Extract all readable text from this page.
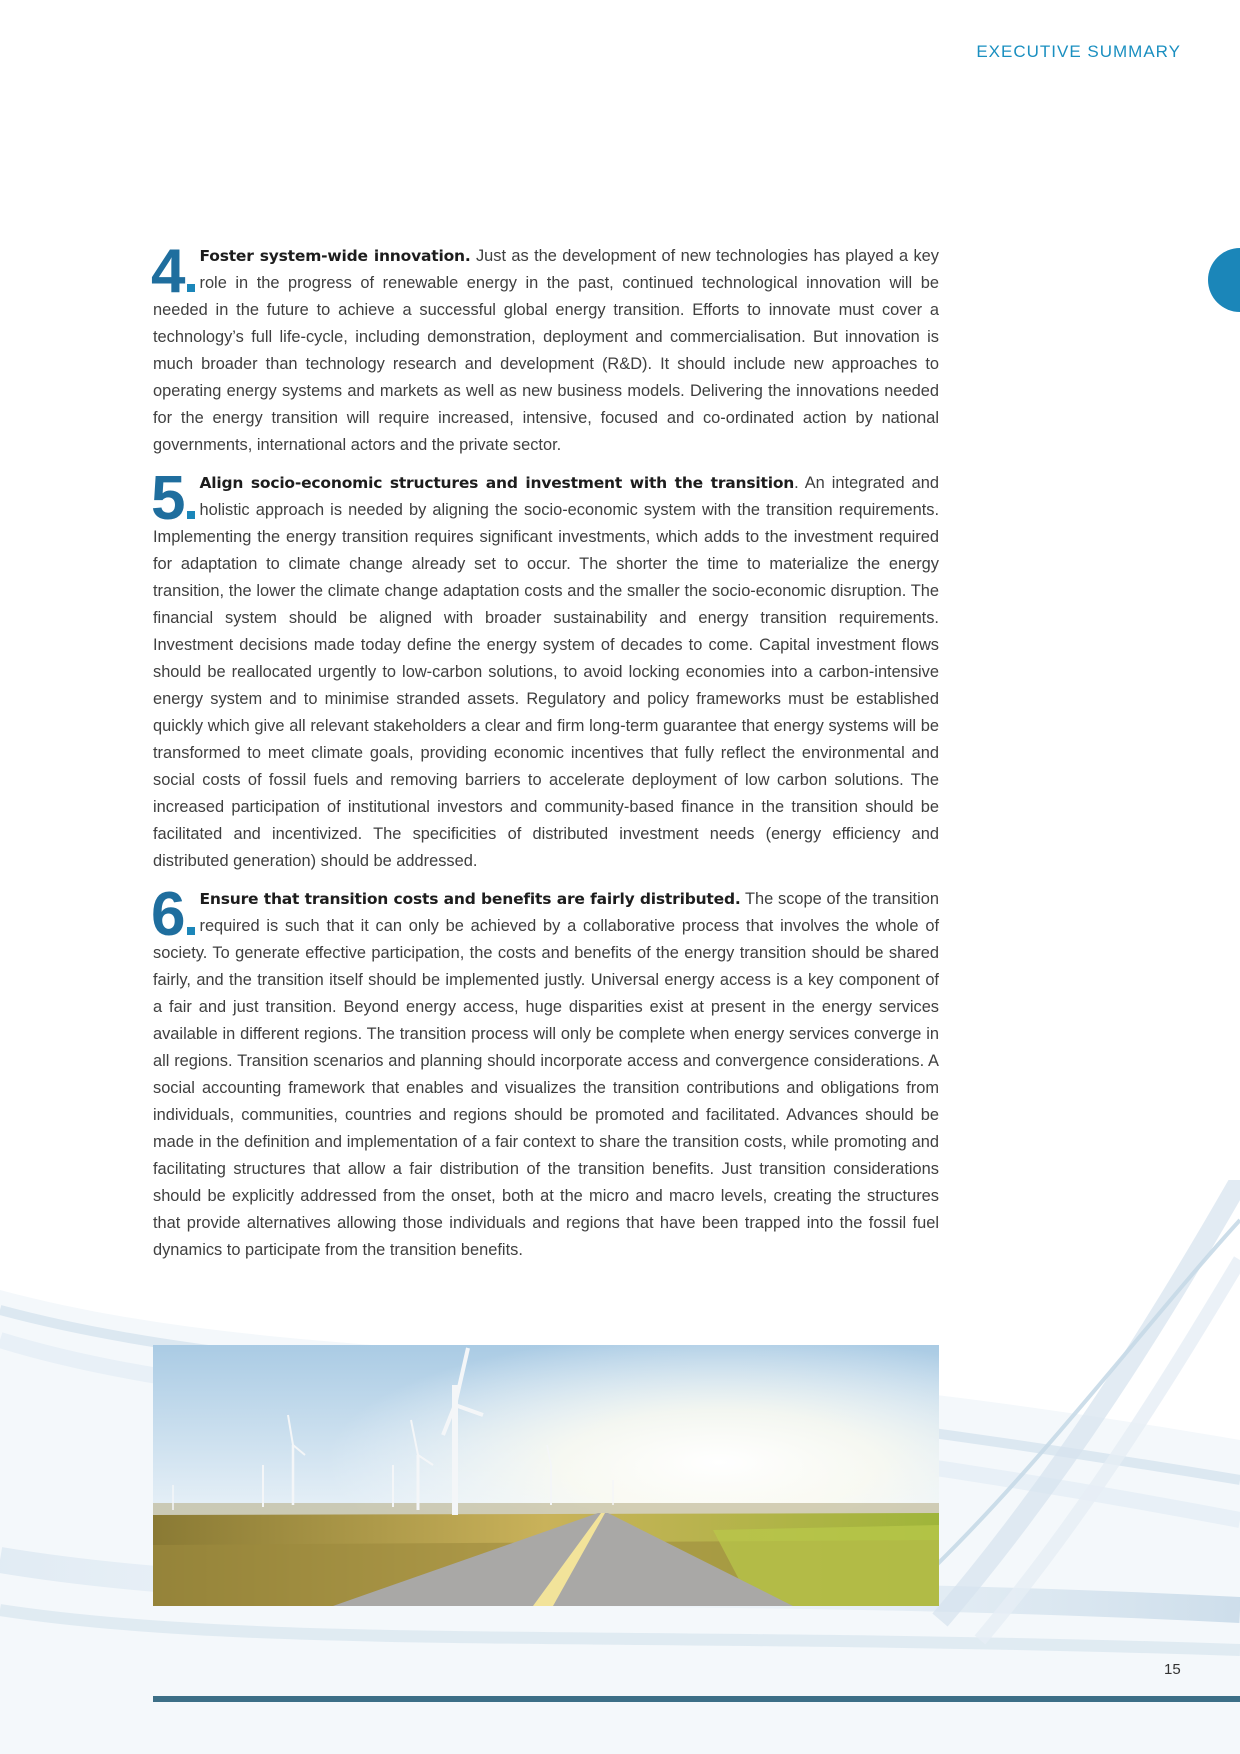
EXECUTIVE SUMMARY

4 Foster system-wide innovation. Just as the development of new technologies has played a key role in the progress of renewable energy in the past, continued technological innovation will be needed in the future to achieve a successful global energy transition. Efforts to innovate must cover a technology’s full life-cycle, including demonstration, deployment and commercialisation. But innovation is much broader than technology research and development (R&D). It should include new approaches to operating energy systems and markets as well as new business models. Delivering the innovations needed for the energy transition will require increased, intensive, focused and co-ordinated action by national governments, international actors and the private sector.

5 Align socio-economic structures and investment with the transition. An integrated and holistic approach is needed by aligning the socio-economic system with the transition requirements. Implementing the energy transition requires significant investments, which adds to the investment required for adaptation to climate change already set to occur. The shorter the time to materialize the energy transition, the lower the climate change adaptation costs and the smaller the socio-economic disruption. The financial system should be aligned with broader sustainability and energy transition requirements. Investment decisions made today define the energy system of decades to come. Capital investment flows should be reallocated urgently to low-carbon solutions, to avoid locking economies into a carbon-intensive energy system and to minimise stranded assets. Regulatory and policy frameworks must be established quickly which give all relevant stakeholders a clear and firm long-term guarantee that energy systems will be transformed to meet climate goals, providing economic incentives that fully reflect the environmental and social costs of fossil fuels and removing barriers to accelerate deployment of low carbon solutions. The increased participation of institutional investors and community-based finance in the transition should be facilitated and incentivized. The specificities of distributed investment needs (energy efficiency and distributed generation) should be addressed.

6 Ensure that transition costs and benefits are fairly distributed. The scope of the transition required is such that it can only be achieved by a collaborative process that involves the whole of society. To generate effective participation, the costs and benefits of the energy transition should be shared fairly, and the transition itself should be implemented justly. Universal energy access is a key component of a fair and just transition. Beyond energy access, huge disparities exist at present in the energy services available in different regions. The transition process will only be complete when energy services converge in all regions. Transition scenarios and planning should incorporate access and convergence considerations. A social accounting framework that enables and visualizes the transition contributions and obligations from individuals, communities, countries and regions should be promoted and facilitated. Advances should be made in the definition and implementation of a fair context to share the transition costs, while promoting and facilitating structures that allow a fair distribution of the transition benefits. Just transition considerations should be explicitly addressed from the onset, both at the micro and macro levels, creating the structures that provide alternatives allowing those individuals and regions that have been trapped into the fossil fuel dynamics to participate from the transition benefits.

15
